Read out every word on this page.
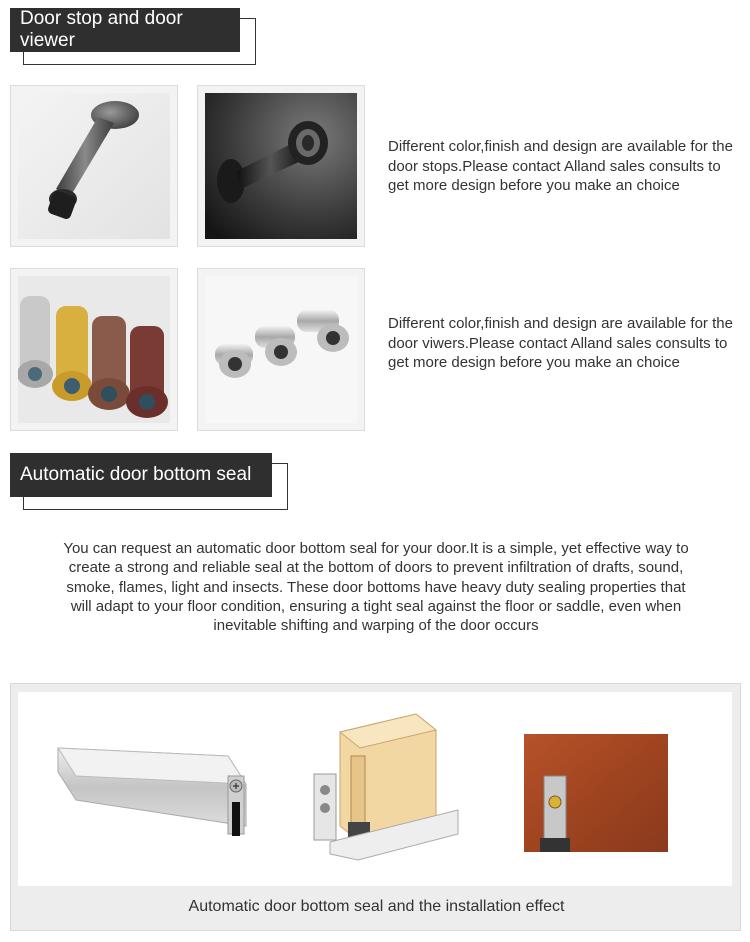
Door stop and door viewer
Different color,finish and design are available for the door stops.Please contact Alland sales consults to get more design before you make an choice
Different color,finish and design are available for the door viwers.Please contact Alland sales consults to get more design before you make an choice
Automatic door bottom seal
You can request an automatic door bottom seal for your door.It is a simple, yet effective way to create a strong and reliable seal at the bottom of doors to prevent infiltration of drafts, sound, smoke, flames, light and insects. These door bottoms have heavy duty sealing properties that will adapt to your floor condition, ensuring a tight seal against the floor or saddle, even when inevitable shifting and warping of the door occurs
Automatic door bottom seal and the installation effect
